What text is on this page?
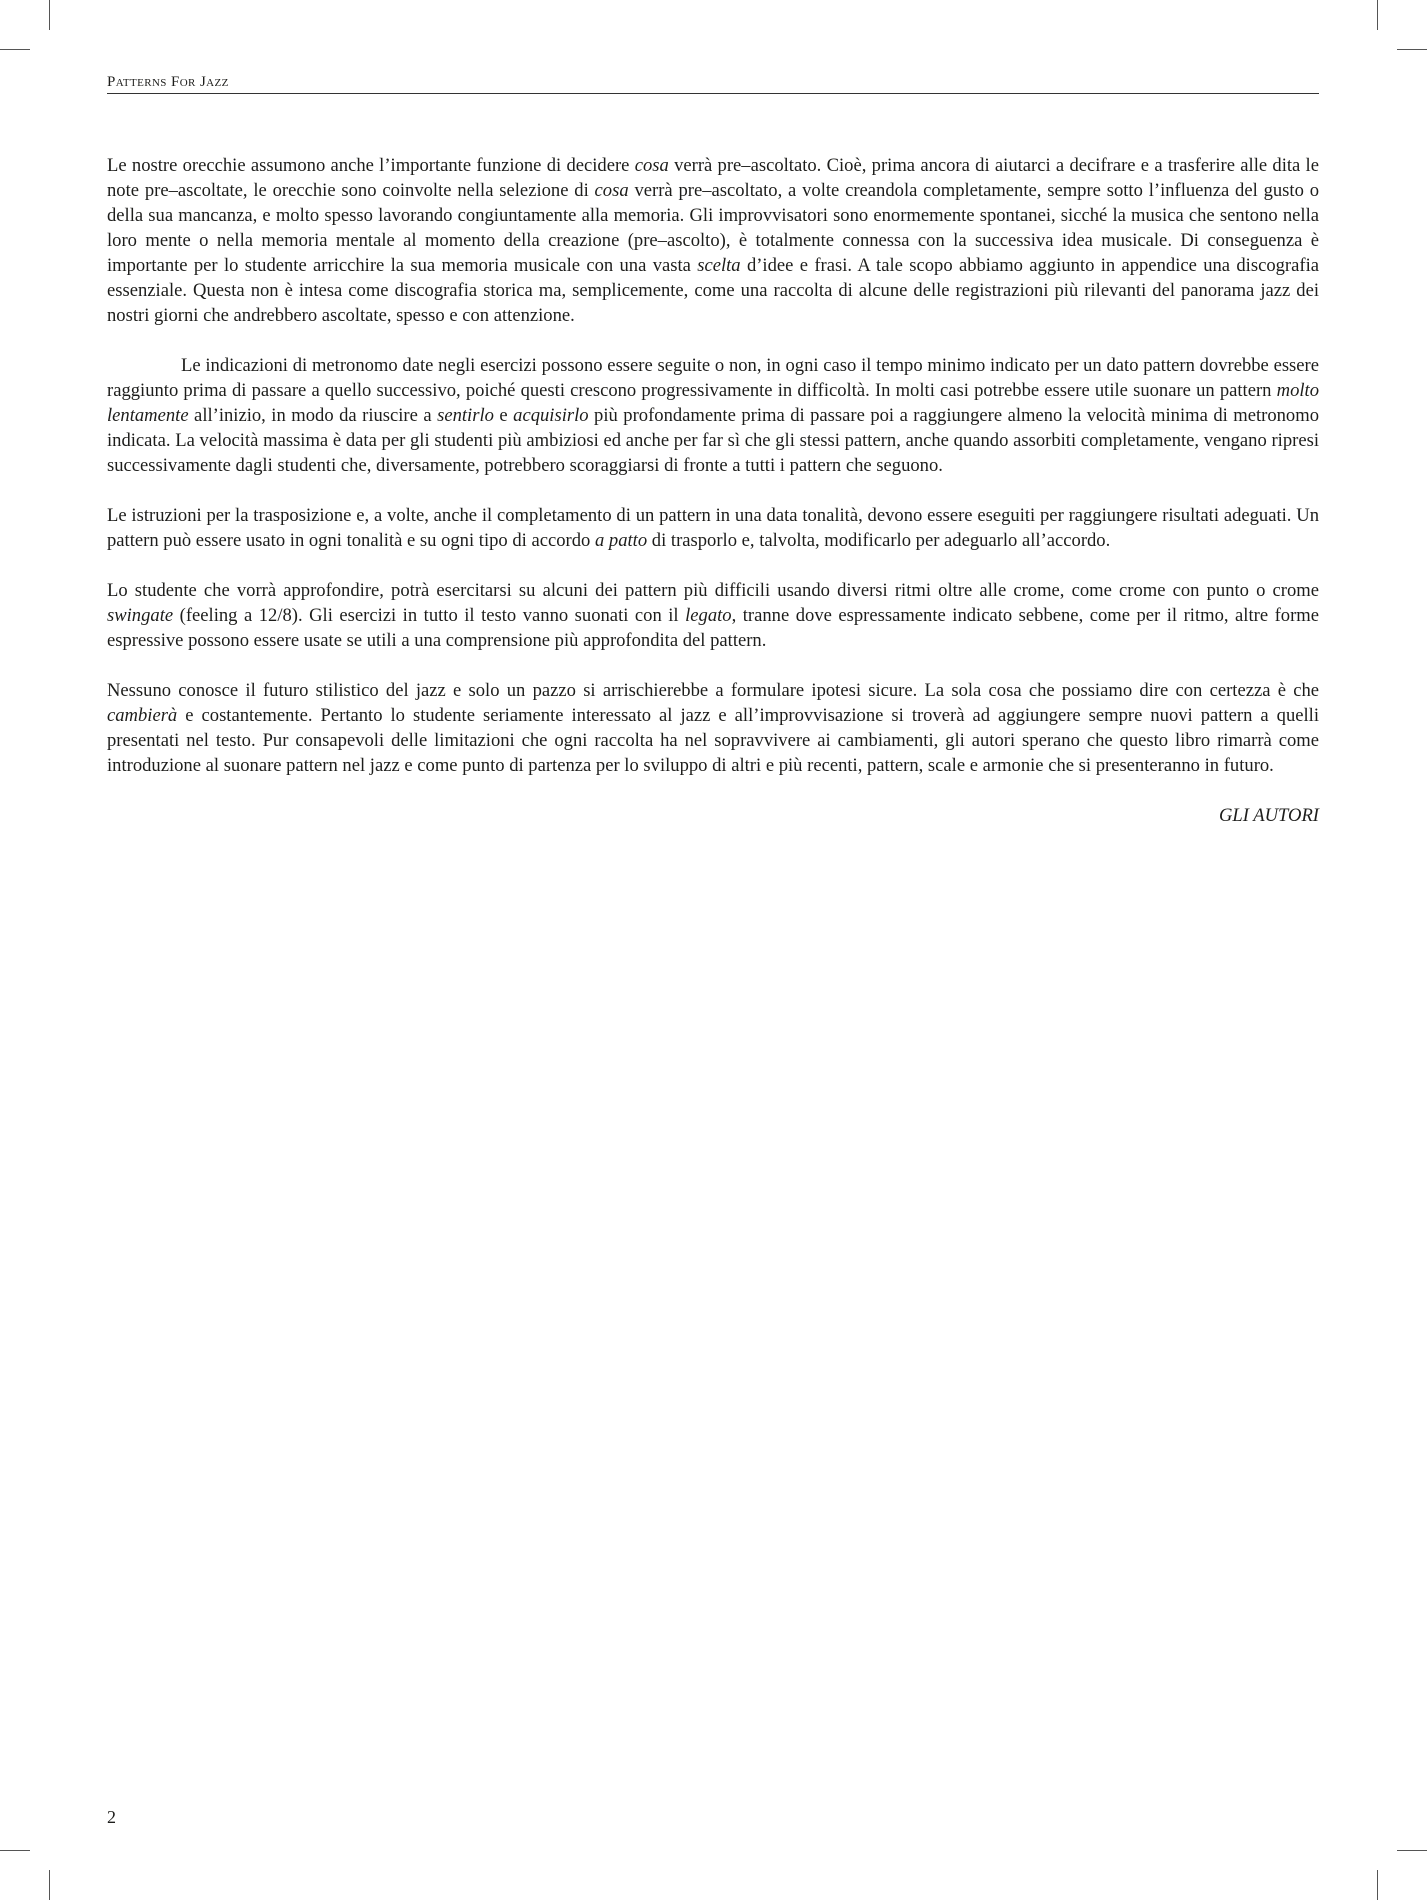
Patterns For Jazz

Le nostre orecchie assumono anche l’importante funzione di decidere cosa verrà pre–ascoltato. Cioè, prima ancora di aiutarci a decifrare e a trasferire alle dita le note pre–ascoltate, le orecchie sono coinvolte nella selezione di cosa verrà pre–ascoltato, a volte creandola completamente, sempre sotto l’influenza del gusto o della sua mancanza, e molto spesso lavorando congiuntamente alla memoria. Gli improvvisatori sono enormemente spontanei, sicché la musica che sentono nella loro mente o nella memoria mentale al momento della creazione (pre–ascolto), è totalmente connessa con la successiva idea musicale. Di conseguenza è importante per lo studente arricchire la sua memoria musicale con una vasta scelta d’idee e frasi. A tale scopo abbiamo aggiunto in appendice una discografia essenziale. Questa non è intesa come discografia storica ma, semplicemente, come una raccolta di alcune delle registrazioni più rilevanti del panorama jazz dei nostri giorni che andrebbero ascoltate, spesso e con attenzione.

Le indicazioni di metronomo date negli esercizi possono essere seguite o non, in ogni caso il tempo minimo indicato per un dato pattern dovrebbe essere raggiunto prima di passare a quello successivo, poiché questi crescono progressivamente in difficoltà. In molti casi potrebbe essere utile suonare un pattern molto lentamente all’inizio, in modo da riuscire a sentirlo e acquisirlo più profondamente prima di passare poi a raggiungere almeno la velocità minima di metronomo indicata. La velocità massima è data per gli studenti più ambiziosi ed anche per far sì che gli stessi pattern, anche quando assorbiti completamente, vengano ripresi successivamente dagli studenti che, diversamente, potrebbero scoraggiarsi di fronte a tutti i pattern che seguono.

Le istruzioni per la trasposizione e, a volte, anche il completamento di un pattern in una data tonalità, devono essere eseguiti per raggiungere risultati adeguati. Un pattern può essere usato in ogni tonalità e su ogni tipo di accordo a patto di trasporlo e, talvolta, modificarlo per adeguarlo all’accordo.

Lo studente che vorrà approfondire, potrà esercitarsi su alcuni dei pattern più difficili usando diversi ritmi oltre alle crome, come crome con punto o crome swingate (feeling a 12/8). Gli esercizi in tutto il testo vanno suonati con il legato, tranne dove espressamente indicato sebbene, come per il ritmo, altre forme espressive possono essere usate se utili a una comprensione più approfondita del pattern.

Nessuno conosce il futuro stilistico del jazz e solo un pazzo si arrischierebbe a formulare ipotesi sicure. La sola cosa che possiamo dire con certezza è che cambierà e costantemente. Pertanto lo studente seriamente interessato al jazz e all’improvvisazione si troverà ad aggiungere sempre nuovi pattern a quelli presentati nel testo. Pur consapevoli delle limitazioni che ogni raccolta ha nel sopravvivere ai cambiamenti, gli autori sperano che questo libro rimarrà come introduzione al suonare pattern nel jazz e come punto di partenza per lo sviluppo di altri e più recenti, pattern, scale e armonie che si presenteranno in futuro.

GLI AUTORI

2
